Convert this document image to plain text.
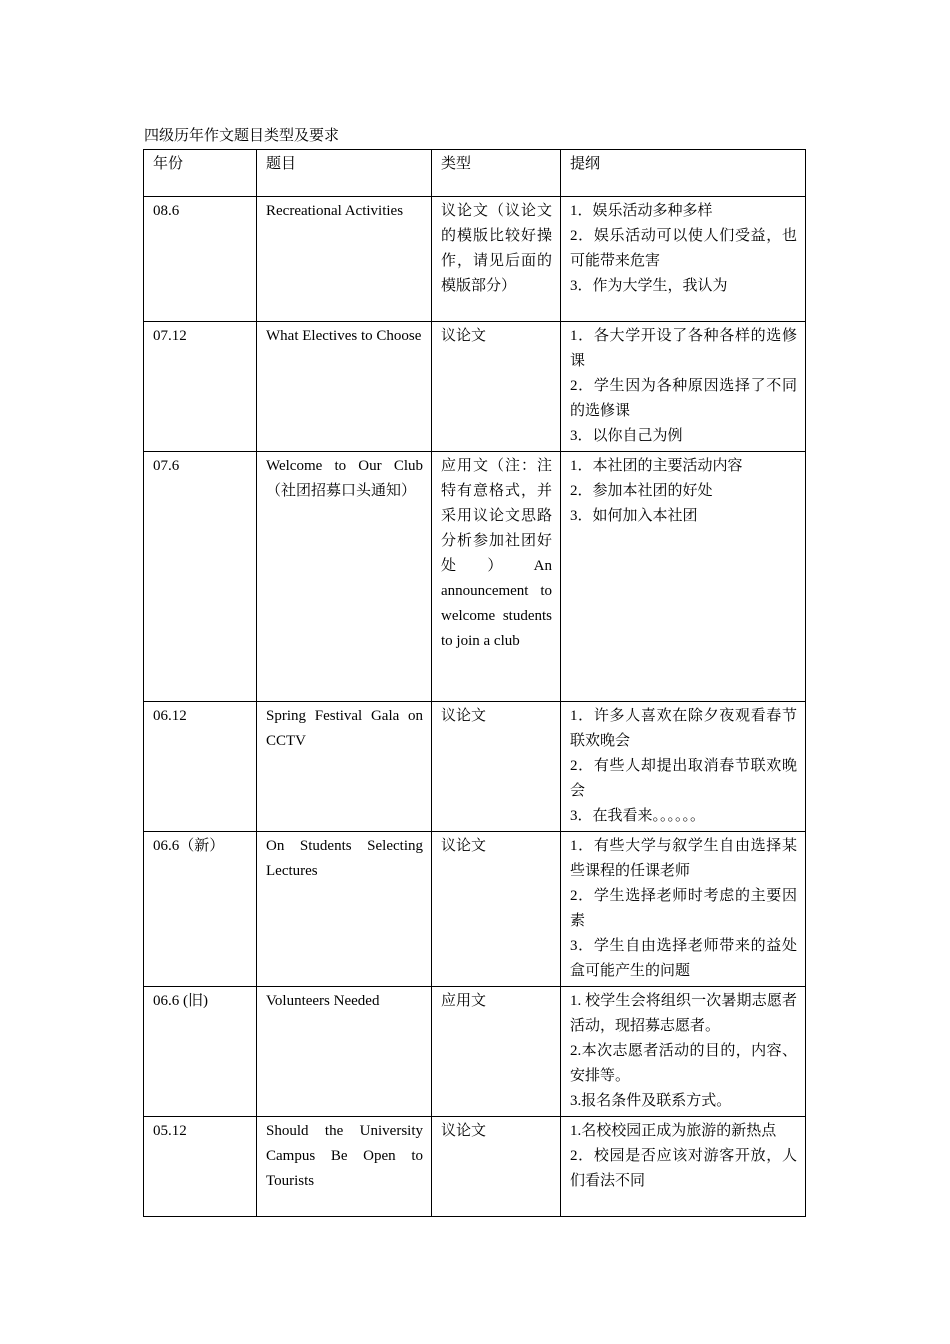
四级历年作文题目类型及要求
年份	题目	类型	提纲
08.6	Recreational Activities	议论文（议论文的模版比较好操作，请见后面的模版部分）	1．娱乐活动多种多样
2．娱乐活动可以使人们受益，也可能带来危害
3．作为大学生，我认为

07.12	What Electives to Choose	议论文	1．各大学开设了各种各样的选修课
2．学生因为各种原因选择了不同的选修课
3．以你自己为例

07.6	Welcome to Our Club（社团招募口头通知）	应用文（注：注特有意格式，并采用议论文思路分析参加社团好处）An announcement to welcome students to join a club	1．本社团的主要活动内容
2．参加本社团的好处
3．如何加入本社团

06.12	Spring Festival Gala on CCTV	议论文	1．许多人喜欢在除夕夜观看春节联欢晚会
2．有些人却提出取消春节联欢晚会
3．在我看来。。。。。。

06.6（新）	On Students Selecting Lectures	议论文	1．有些大学与叙学生自由选择某些课程的任课老师
2．学生选择老师时考虑的主要因素
3．学生自由选择老师带来的益处盒可能产生的问题

06.6 (旧)	Volunteers Needed	应用文	1. 校学生会将组织一次暑期志愿者活动，现招募志愿者。
2.本次志愿者活动的目的，内容、安排等。
3.报名条件及联系方式。

05.12	Should the University Campus Be Open to Tourists	议论文	1.名校校园正成为旅游的新热点
2．校园是否应该对游客开放，人们看法不同
